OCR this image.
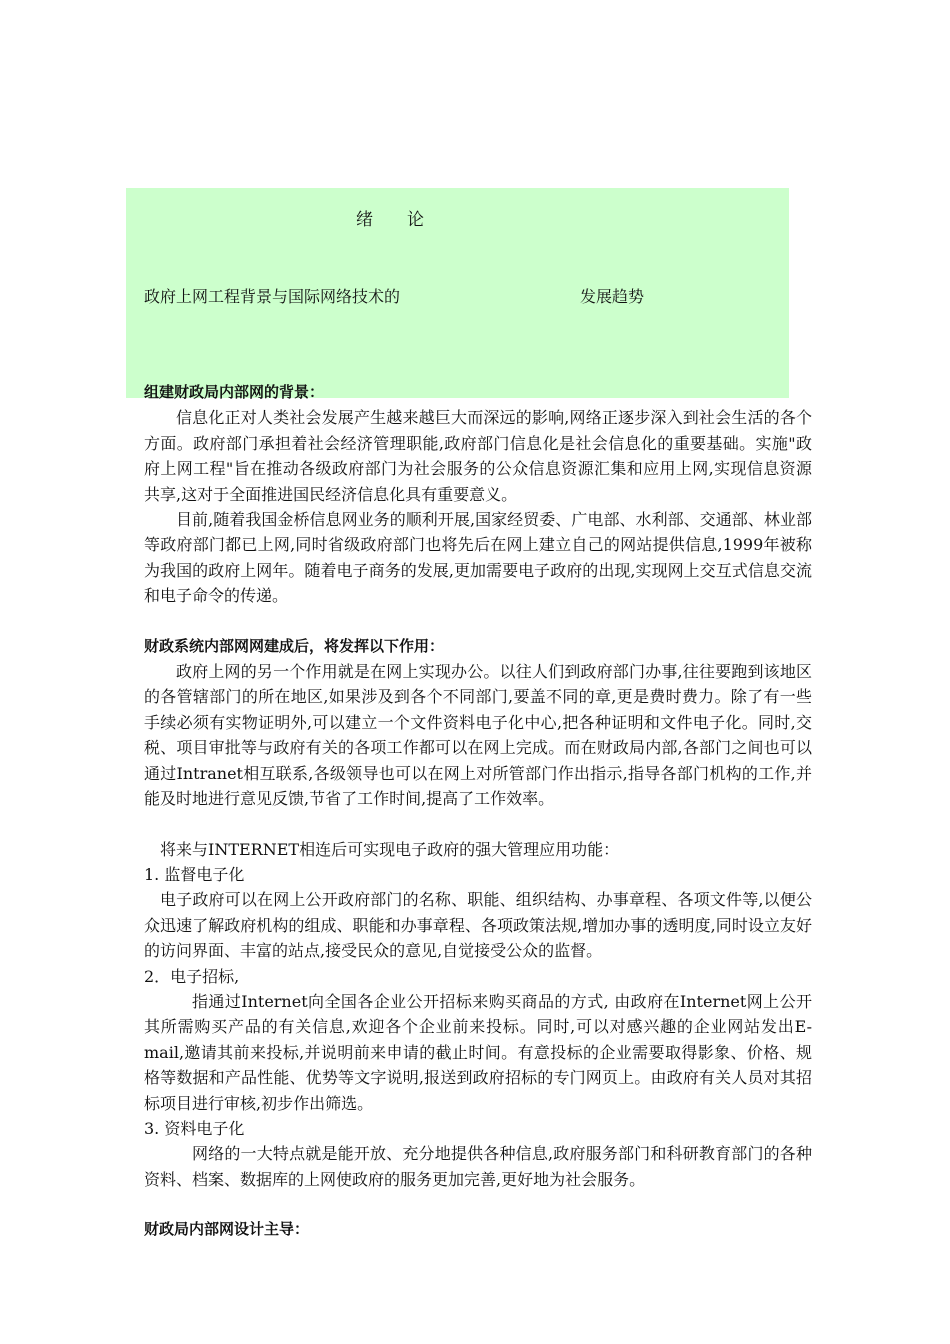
绪论
政府上网工程背景与国际网络技术的	发展趋势

组建财政局内部网的背景：

信息化正对人类社会发展产生越来越巨大而深远的影响,网络正逐步深入到社会生活的各个方面。政府部门承担着社会经济管理职能,政府部门信息化是社会信息化的重要基础。实施"政府上网工程"旨在推动各级政府部门为社会服务的公众信息资源汇集和应用上网,实现信息资源共享,这对于全面推进国民经济信息化具有重要意义。

目前,随着我国金桥信息网业务的顺利开展,国家经贸委、广电部、水利部、交通部、林业部等政府部门都已上网,同时省级政府部门也将先后在网上建立自己的网站提供信息,1999年被称为我国的政府上网年。随着电子商务的发展,更加需要电子政府的出现,实现网上交互式信息交流和电子命令的传递。

财政系统内部网网建成后，将发挥以下作用：

政府上网的另一个作用就是在网上实现办公。以往人们到政府部门办事,往往要跑到该地区的各管辖部门的所在地区,如果涉及到各个不同部门,要盖不同的章,更是费时费力。除了有一些手续必须有实物证明外,可以建立一个文件资料电子化中心,把各种证明和文件电子化。同时,交税、项目审批等与政府有关的各项工作都可以在网上完成。而在财政局内部,各部门之间也可以通过Intranet相互联系,各级领导也可以在网上对所管部门作出指示,指导各部门机构的工作,并能及时地进行意见反馈,节省了工作时间,提高了工作效率。

将来与INTERNET相连后可实现电子政府的强大管理应用功能：

1. 监督电子化

电子政府可以在网上公开政府部门的名称、职能、组织结构、办事章程、各项文件等,以便公众迅速了解政府机构的组成、职能和办事章程、各项政策法规,增加办事的透明度,同时设立友好的访问界面、丰富的站点,接受民众的意见,自觉接受公众的监督。

2．电子招标,

指通过Internet向全国各企业公开招标来购买商品的方式, 由政府在Internet网上公开其所需购买产品的有关信息,欢迎各个企业前来投标。同时,可以对感兴趣的企业网站发出E-mail,邀请其前来投标,并说明前来申请的截止时间。有意投标的企业需要取得影象、价格、规格等数据和产品性能、优势等文字说明,报送到政府招标的专门网页上。由政府有关人员对其招标项目进行审核,初步作出筛选。

3. 资料电子化

网络的一大特点就是能开放、充分地提供各种信息,政府服务部门和科研教育部门的各种资料、档案、数据库的上网使政府的服务更加完善,更好地为社会服务。

财政局内部网设计主导：
